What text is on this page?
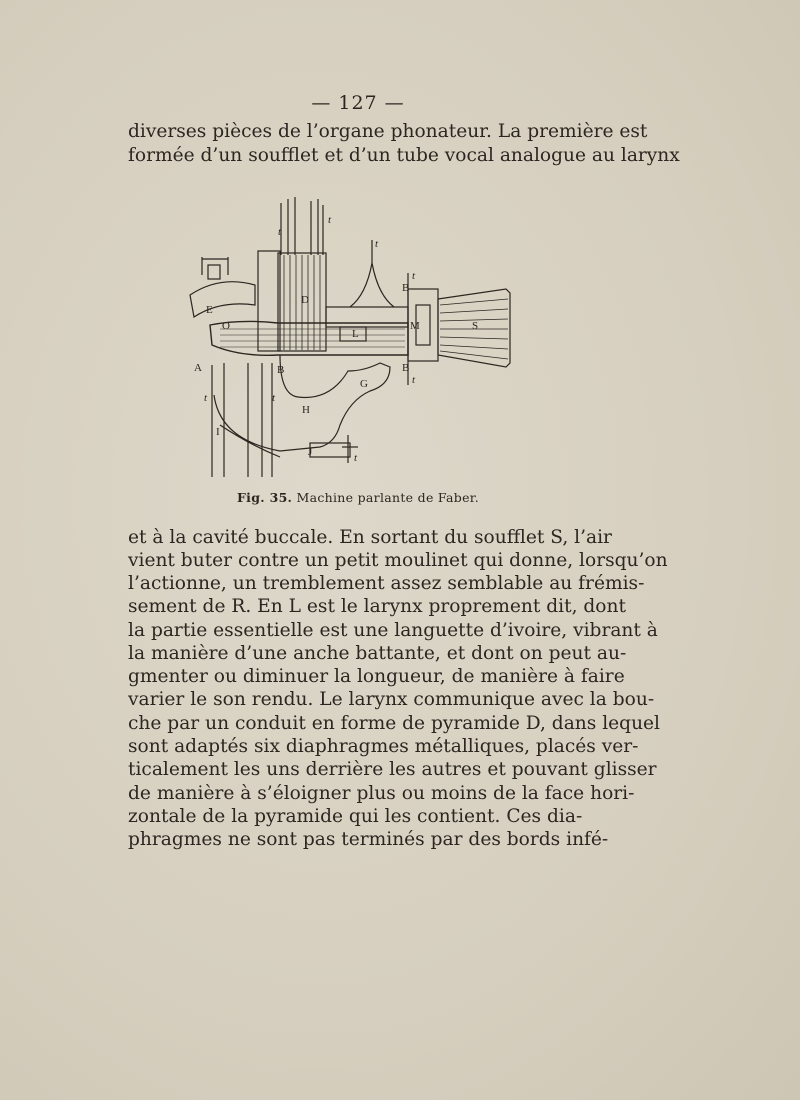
— 127 —
diverses pièces de l’organe phonateur. La première est
formée d’un soufflet et d’un tube vocal analogue au larynx
t
t
t
D
E
O
L
B
M	S
A	B	B
t
G	t
t	t
H
I
J	t
Fig. 35. Machine parlante de Faber.
et à la cavité buccale. En sortant du soufflet S, l’air
vient buter contre un petit moulinet qui donne, lorsqu’on
l’actionne, un tremblement assez semblable au frémis-
sement de R. En L est le larynx proprement dit, dont
la partie essentielle est une languette d’ivoire, vibrant à
la manière d’une anche battante, et dont on peut au-
gmenter ou diminuer la longueur, de manière à faire
varier le son rendu. Le larynx communique avec la bou-
che par un conduit en forme de pyramide D, dans lequel
sont adaptés six diaphragmes métalliques, placés ver-
ticalement les uns derrière les autres et pouvant glisser
de manière à s’éloigner plus ou moins de la face hori-
zontale de la pyramide qui les contient. Ces dia-
phragmes ne sont pas terminés par des bords infé-
